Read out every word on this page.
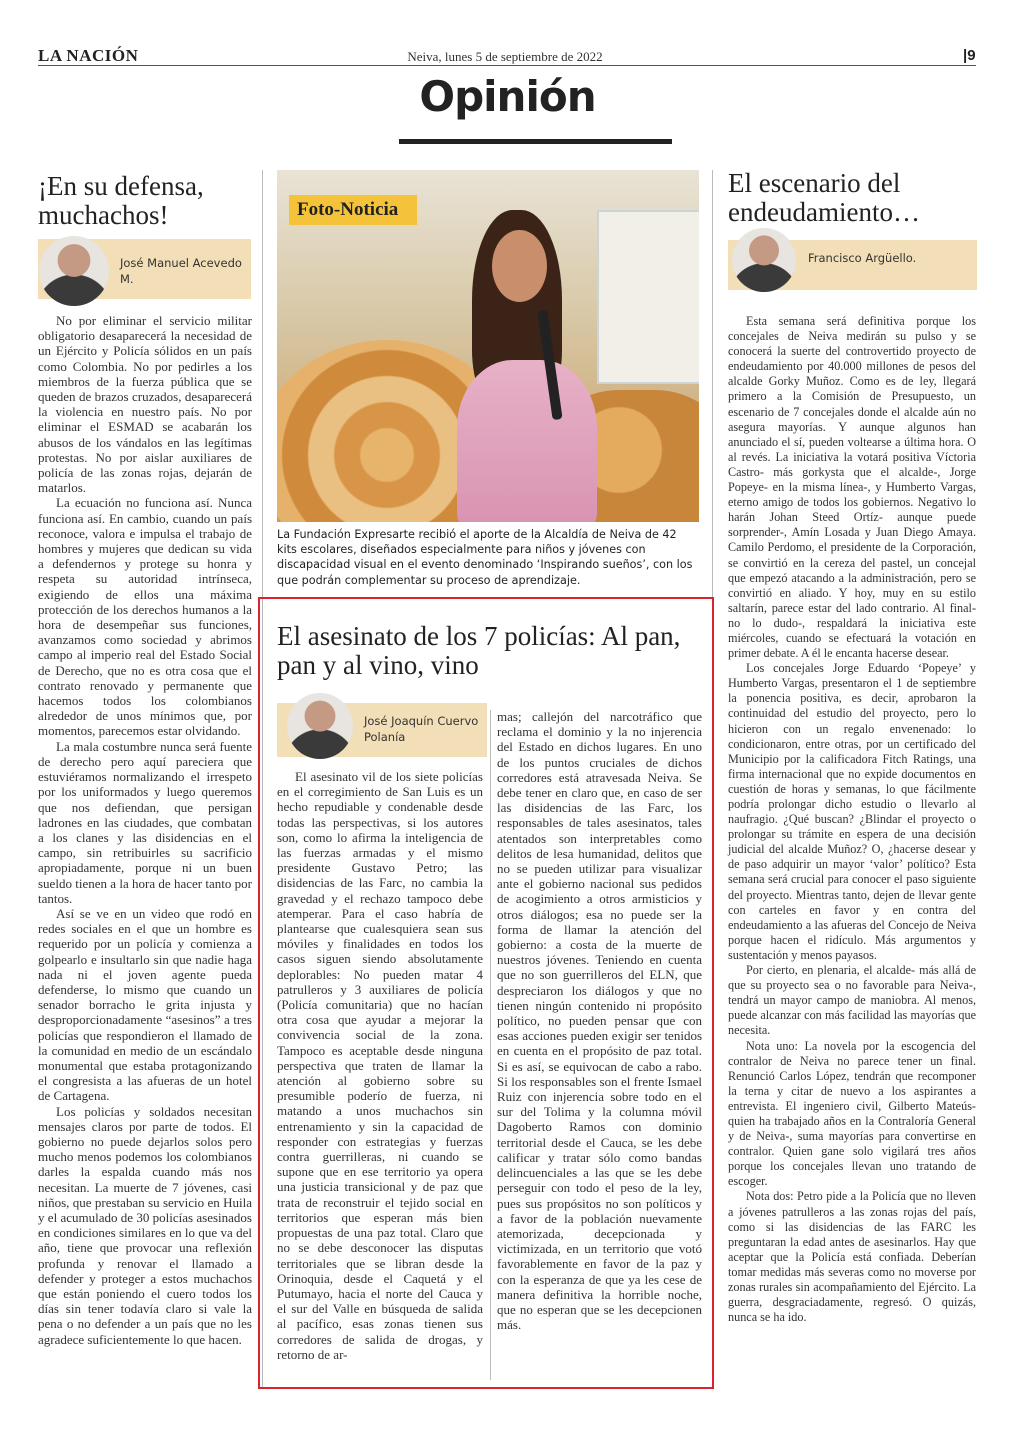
LA NACIÓN	Neiva, lunes 5 de septiembre de 2022	|9
Opinión
¡En su defensa, muchachos!
José Manuel Acevedo M.

No por eliminar el servicio militar obligatorio desaparecerá la necesidad de un Ejército y Policía sólidos en un país como Colombia. No por pedirles a los miembros de la fuerza pública que se queden de brazos cruzados, desaparecerá la violencia en nuestro país. No por eliminar el ESMAD se acabarán los abusos de los vándalos en las legítimas protestas. No por aislar auxiliares de policía de las zonas rojas, dejarán de matarlos.

La ecuación no funciona así. Nunca funciona así. En cambio, cuando un país reconoce, valora e impulsa el trabajo de hombres y mujeres que dedican su vida a defendernos y protege su honra y respeta su autoridad intrínseca, exigiendo de ellos una máxima protección de los derechos humanos a la hora de desempeñar sus funciones, avanzamos como sociedad y abrimos campo al imperio real del Estado Social de Derecho, que no es otra cosa que el contrato renovado y permanente que hacemos todos los colombianos alrededor de unos mínimos que, por momentos, parecemos estar olvidando.

La mala costumbre nunca será fuente de derecho pero aquí pareciera que estuviéramos normalizando el irrespeto por los uniformados y luego queremos que nos defiendan, que persigan ladrones en las ciudades, que combatan a los clanes y las disidencias en el campo, sin retribuirles su sacrificio apropiadamente, porque ni un buen sueldo tienen a la hora de hacer tanto por tantos.

Así se ve en un video que rodó en redes sociales en el que un hombre es requerido por un policía y comienza a golpearlo e insultarlo sin que nadie haga nada ni el joven agente pueda defenderse, lo mismo que cuando un senador borracho le grita injusta y desproporcionadamente “asesinos” a tres policías que respondieron el llamado de la comunidad en medio de un escándalo monumental que estaba protagonizando el congresista a las afueras de un hotel de Cartagena.

Los policías y soldados necesitan mensajes claros por parte de todos. El gobierno no puede dejarlos solos pero mucho menos podemos los colombianos darles la espalda cuando más nos necesitan. La muerte de 7 jóvenes, casi niños, que prestaban su servicio en Huila y el acumulado de 30 policías asesinados en condiciones similares en lo que va del año, tiene que provocar una reflexión profunda y renovar el llamado a defender y proteger a estos muchachos que están poniendo el cuero todos los días sin tener todavía claro si vale la pena o no defender a un país que no les agradece suficientemente lo que hacen.

Foto-Noticia
La Fundación Expresarte recibió el aporte de la Alcaldía de Neiva de 42 kits escolares, diseñados especialmente para niños y jóvenes con discapacidad visual en el evento denominado ‘Inspirando sueños’, con los que podrán complementar su proceso de aprendizaje.
El asesinato de los 7 policías: Al pan, pan y al vino, vino
José Joaquín Cuervo Polanía

El asesinato vil de los siete policías en el corregimiento de San Luis es un hecho repudiable y condenable desde todas las perspectivas, si los autores son, como lo afirma la inteligencia de las fuerzas armadas y el mismo presidente Gustavo Petro; las disidencias de las Farc, no cambia la gravedad y el rechazo tampoco debe atemperar. Para el caso habría de plantearse que cualesquiera sean sus móviles y finalidades en todos los casos siguen siendo absolutamente deplorables: No pueden matar 4 patrulleros y 3 auxiliares de policía (Policía comunitaria) que no hacían otra cosa que ayudar a mejorar la convivencia social de la zona. Tampoco es aceptable desde ninguna perspectiva que traten de llamar la atención al gobierno sobre su presumible poderío de fuerza, ni matando a unos muchachos sin entrenamiento y sin la capacidad de responder con estrategias y fuerzas contra guerrilleras, ni cuando se supone que en ese territorio ya opera una justicia transicional y de paz que trata de reconstruir el tejido social en territorios que esperan más bien propuestas de una paz total. Claro que no se debe desconocer las disputas territoriales que se libran desde la Orinoquia, desde el Caquetá y el Putumayo, hacia el norte del Cauca y el sur del Valle en búsqueda de salida al pacífico, esas zonas tienen sus corredores de salida de drogas, y retorno de ar-

mas; callejón del narcotráfico que reclama el dominio y la no injerencia del Estado en dichos lugares. En uno de los puntos cruciales de dichos corredores está atravesada Neiva. Se debe tener en claro que, en caso de ser las disidencias de las Farc, los responsables de tales asesinatos, tales atentados son interpretables como delitos de lesa humanidad, delitos que no se pueden utilizar para visualizar ante el gobierno nacional sus pedidos de acogimiento a otros armisticios y otros diálogos; esa no puede ser la forma de llamar la atención del gobierno: a costa de la muerte de nuestros jóvenes. Teniendo en cuenta que no son guerrilleros del ELN, que despreciaron los diálogos y que no tienen ningún contenido ni propósito político, no pueden pensar que con esas acciones pueden exigir ser tenidos en cuenta en el propósito de paz total. Si es así, se equivocan de cabo a rabo. Si los responsables son el frente Ismael Ruiz con injerencia sobre todo en el sur del Tolima y la columna móvil Dagoberto Ramos con dominio territorial desde el Cauca, se les debe calificar y tratar sólo como bandas delincuenciales a las que se les debe perseguir con todo el peso de la ley, pues sus propósitos no son políticos y a favor de la población nuevamente atemorizada, decepcionada y victimizada, en un territorio que votó favorablemente en favor de la paz y con la esperanza de que ya les cese de manera definitiva la horrible noche, que no esperan que se les decepcionen más.

El escenario del endeudamiento…
Francisco Argüello.

Esta semana será definitiva porque los concejales de Neiva medirán su pulso y se conocerá la suerte del controvertido proyecto de endeudamiento por 40.000 millones de pesos del alcalde Gorky Muñoz. Como es de ley, llegará primero a la Comisión de Presupuesto, un escenario de 7 concejales donde el alcalde aún no asegura mayorías. Y aunque algunos han anunciado el sí, pueden voltearse a última hora. O al revés. La iniciativa la votará positiva Víctoria Castro- más gorkysta que el alcalde-, Jorge Popeye- en la misma línea-, y Humberto Vargas, eterno amigo de todos los gobiernos. Negativo lo harán Johan Steed Ortíz- aunque puede sorprender-, Amín Losada y Juan Diego Amaya. Camilo Perdomo, el presidente de la Corporación, se convirtió en la cereza del pastel, un concejal que empezó atacando a la administración, pero se convirtió en aliado. Y hoy, muy en su estilo saltarín, parece estar del lado contrario. Al final- no lo dudo-, respaldará la iniciativa este miércoles, cuando se efectuará la votación en primer debate. A él le encanta hacerse desear.

Los concejales Jorge Eduardo ‘Popeye’ y Humberto Vargas, presentaron el 1 de septiembre la ponencia positiva, es decir, aprobaron la continuidad del estudio del proyecto, pero lo hicieron con un regalo envenenado: lo condicionaron, entre otras, por un certificado del Municipio por la calificadora Fitch Ratings, una firma internacional que no expide documentos en cuestión de horas y semanas, lo que fácilmente podría prolongar dicho estudio o llevarlo al naufragio. ¿Qué buscan? ¿Blindar el proyecto o prolongar su trámite en espera de una decisión judicial del alcalde Muñoz? O, ¿hacerse desear y de paso adquirir un mayor ‘valor’ político? Esta semana será crucial para conocer el paso siguiente del proyecto. Mientras tanto, dejen de llevar gente con carteles en favor y en contra del endeudamiento a las afueras del Concejo de Neiva porque hacen el ridículo. Más argumentos y sustentación y menos payasos.

Por cierto, en plenaria, el alcalde- más allá de que su proyecto sea o no favorable para Neiva-, tendrá un mayor campo de maniobra. Al menos, puede alcanzar con más facilidad las mayorías que necesita.

Nota uno: La novela por la escogencia del contralor de Neiva no parece tener un final. Renunció Carlos López, tendrán que recomponer la terna y citar de nuevo a los aspirantes a entrevista. El ingeniero civil, Gilberto Mateús-quien ha trabajado años en la Contraloría General y de Neiva-, suma mayorías para convertirse en contralor. Quien gane solo vigilará tres años porque los concejales llevan uno tratando de escoger.

Nota dos: Petro pide a la Policía que no lleven a jóvenes patrulleros a las zonas rojas del país, como si las disidencias de las FARC les preguntaran la edad antes de asesinarlos. Hay que aceptar que la Policía está confiada. Deberían tomar medidas más severas como no moverse por zonas rurales sin acompañamiento del Ejército. La guerra, desgraciadamente, regresó. O quizás, nunca se ha ido.
